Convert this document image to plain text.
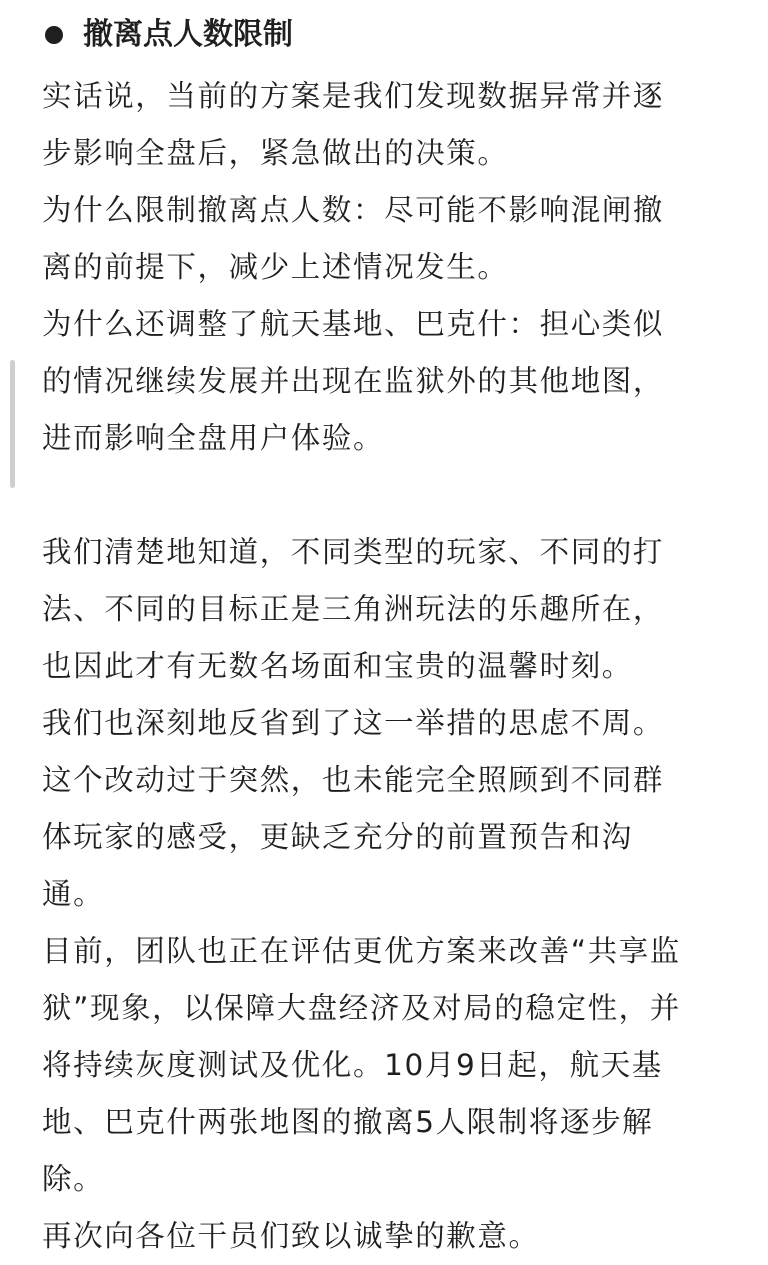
撤离点人数限制
实话说，当前的方案是我们发现数据异常并逐
步影响全盘后，紧急做出的决策。
为什么限制撤离点人数：尽可能不影响混闸撤
离的前提下，减少上述情况发生。
为什么还调整了航天基地、巴克什：担心类似
的情况继续发展并出现在监狱外的其他地图，
进而影响全盘用户体验。
我们清楚地知道，不同类型的玩家、不同的打
法、不同的目标正是三角洲玩法的乐趣所在，
也因此才有无数名场面和宝贵的温馨时刻。
我们也深刻地反省到了这一举措的思虑不周。
这个改动过于突然，也未能完全照顾到不同群
体玩家的感受，更缺乏充分的前置预告和沟
通。
目前，团队也正在评估更优方案来改善“共享监
狱”现象，以保障大盘经济及对局的稳定性，并
将持续灰度测试及优化。10月9日起，航天基
地、巴克什两张地图的撤离5人限制将逐步解
除。
再次向各位干员们致以诚挚的歉意。
